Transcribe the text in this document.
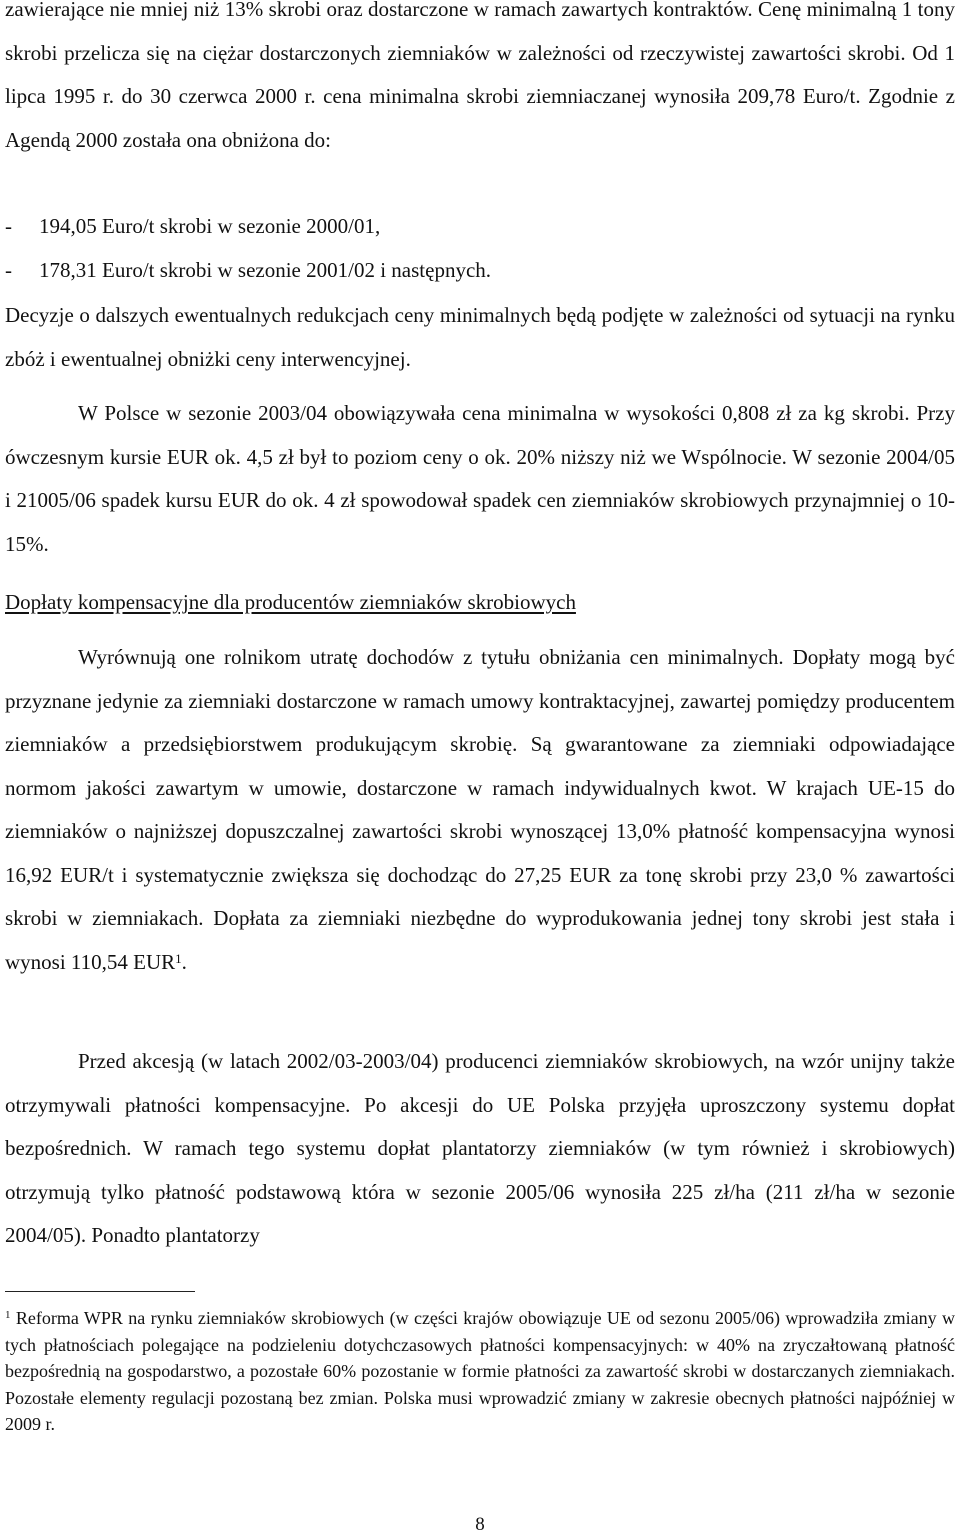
zawierające nie mniej niż 13% skrobi oraz dostarczone w ramach zawartych kontraktów. Cenę minimalną 1 tony skrobi przelicza się na ciężar dostarczonych ziemniaków w zależności od rzeczywistej zawartości skrobi. Od 1 lipca 1995 r. do 30 czerwca 2000 r. cena minimalna skrobi ziemniaczanej wynosiła 209,78 Euro/t. Zgodnie z Agendą 2000 została ona obniżona do:

- 194,05 Euro/t skrobi w sezonie 2000/01,
- 178,31 Euro/t skrobi w sezonie 2001/02 i następnych.

Decyzje o dalszych ewentualnych redukcjach ceny minimalnych będą podjęte w zależności od sytuacji na rynku zbóż i ewentualnej obniżki ceny interwencyjnej.

W Polsce w sezonie 2003/04 obowiązywała cena minimalna w wysokości 0,808 zł za kg skrobi. Przy ówczesnym kursie EUR ok. 4,5 zł był to poziom ceny o ok. 20% niższy niż we Wspólnocie. W sezonie 2004/05 i 21005/06 spadek kursu EUR do ok. 4 zł spowodował spadek cen ziemniaków skrobiowych przynajmniej o 10-15%.

Dopłaty kompensacyjne dla producentów ziemniaków skrobiowych

Wyrównują one rolnikom utratę dochodów z tytułu obniżania cen minimalnych. Dopłaty mogą być przyznane jedynie za ziemniaki dostarczone w ramach umowy kontraktacyjnej, zawartej pomiędzy producentem ziemniaków a przedsiębiorstwem produkującym skrobię. Są gwarantowane za ziemniaki odpowiadające normom jakości zawartym w umowie, dostarczone w ramach indywidualnych kwot. W krajach UE-15 do ziemniaków o najniższej dopuszczalnej zawartości skrobi wynoszącej 13,0% płatność kompensacyjna wynosi 16,92 EUR/t i systematycznie zwiększa się dochodząc do 27,25 EUR za tonę skrobi przy 23,0 % zawartości skrobi w ziemniakach. Dopłata za ziemniaki niezbędne do wyprodukowania jednej tony skrobi jest stała i wynosi 110,54 EUR$^1$.

Przed akcesją (w latach 2002/03-2003/04) producenci ziemniaków skrobiowych, na wzór unijny także otrzymywali płatności kompensacyjne. Po akcesji do UE Polska przyjęła uproszczony systemu dopłat bezpośrednich. W ramach tego systemu dopłat plantatorzy ziemniaków (w tym również i skrobiowych) otrzymują tylko płatność podstawową która w sezonie 2005/06 wynosiła 225 zł/ha (211 zł/ha w sezonie 2004/05). Ponadto plantatorzy

$^1$ Reforma WPR na rynku ziemniaków skrobiowych (w części krajów obowiązuje UE od sezonu 2005/06) wprowadziła zmiany w tych płatnościach polegające na podzieleniu dotychczasowych płatności kompensacyjnych: w 40% na zryczałtowaną płatność bezpośrednią na gospodarstwo, a pozostałe 60% pozostanie w formie płatności za zawartość skrobi w dostarczanych ziemniakach. Pozostałe elementy regulacji pozostaną bez zmian. Polska musi wprowadzić zmiany w zakresie obecnych płatności najpóźniej w 2009 r.
8
